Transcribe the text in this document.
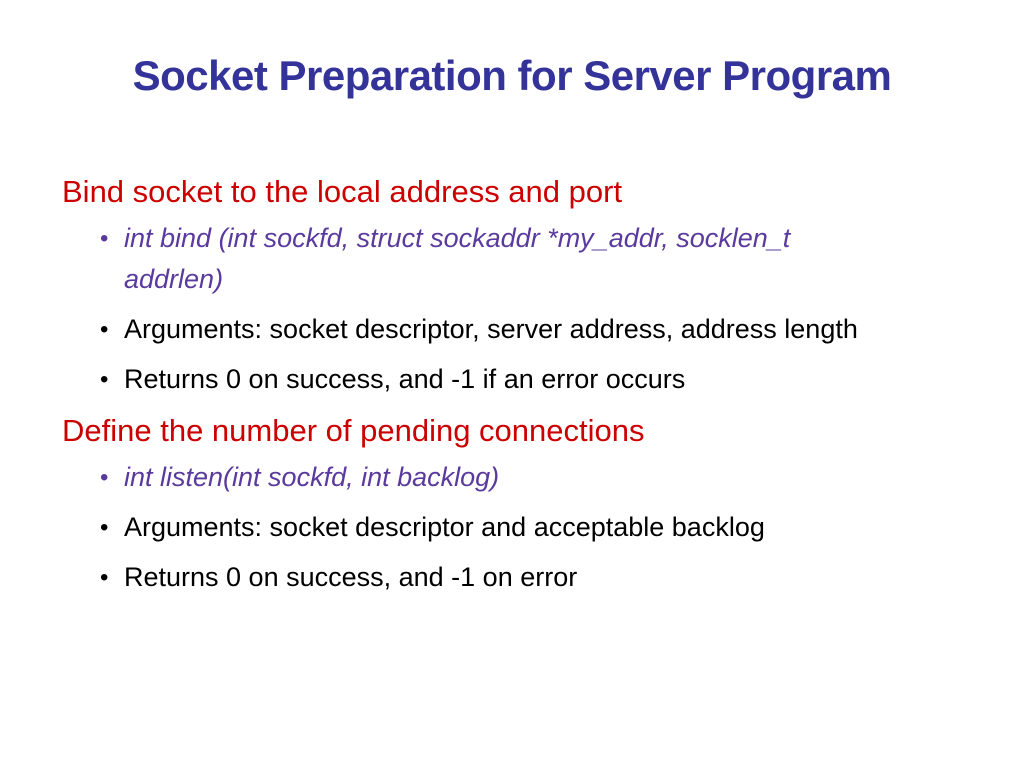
Socket Preparation for Server Program
Bind socket to the local address and port
• int bind (int sockfd, struct sockaddr *my_addr, socklen_t addrlen)
• Arguments: socket descriptor, server address, address length
• Returns 0 on success, and -1 if an error occurs
Define the number of pending connections
• int listen(int sockfd, int backlog)
• Arguments: socket descriptor and acceptable backlog
• Returns 0 on success, and -1 on error
